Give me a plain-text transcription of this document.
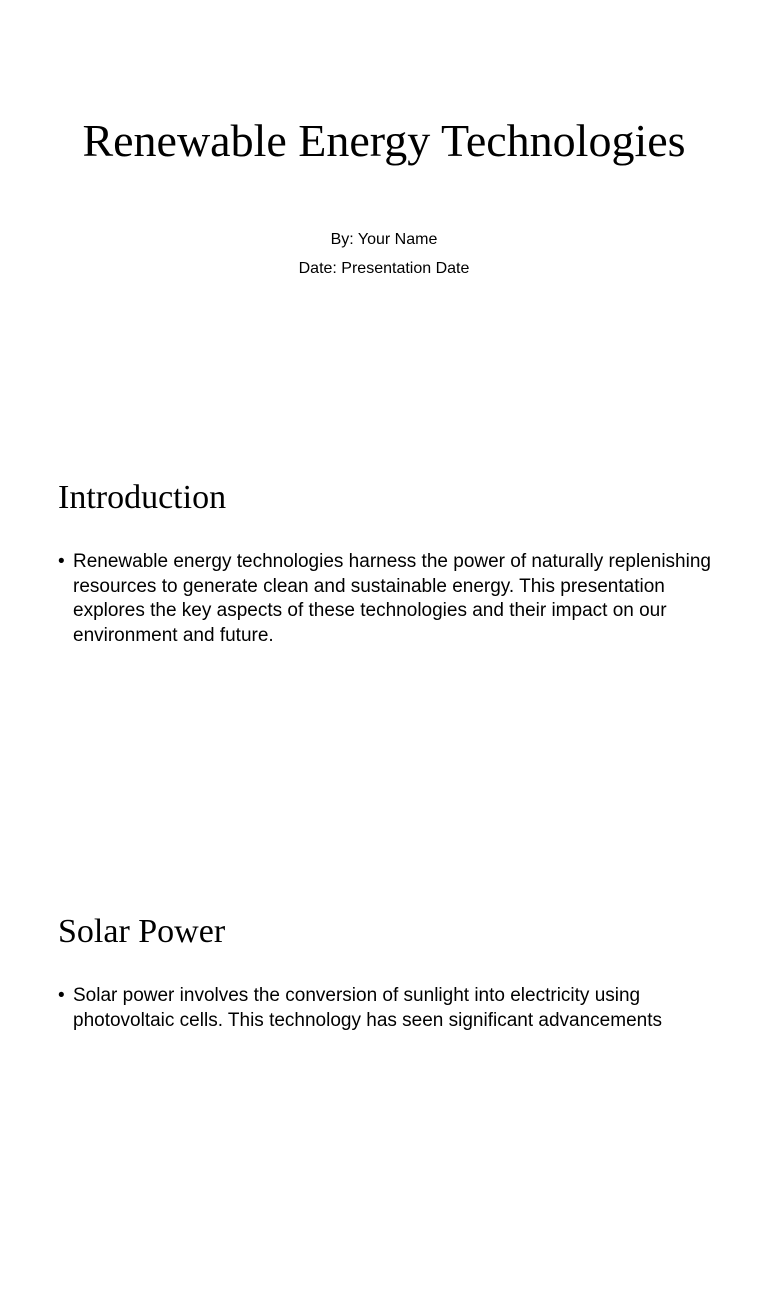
Renewable Energy Technologies
By: Your Name
Date: Presentation Date
Introduction
• Renewable energy technologies harness the power of naturally replenishing resources to generate clean and sustainable energy. This presentation explores the key aspects of these technologies and their impact on our environment and future.
Solar Power
• Solar power involves the conversion of sunlight into electricity using photovoltaic cells. This technology has seen significant advancements
